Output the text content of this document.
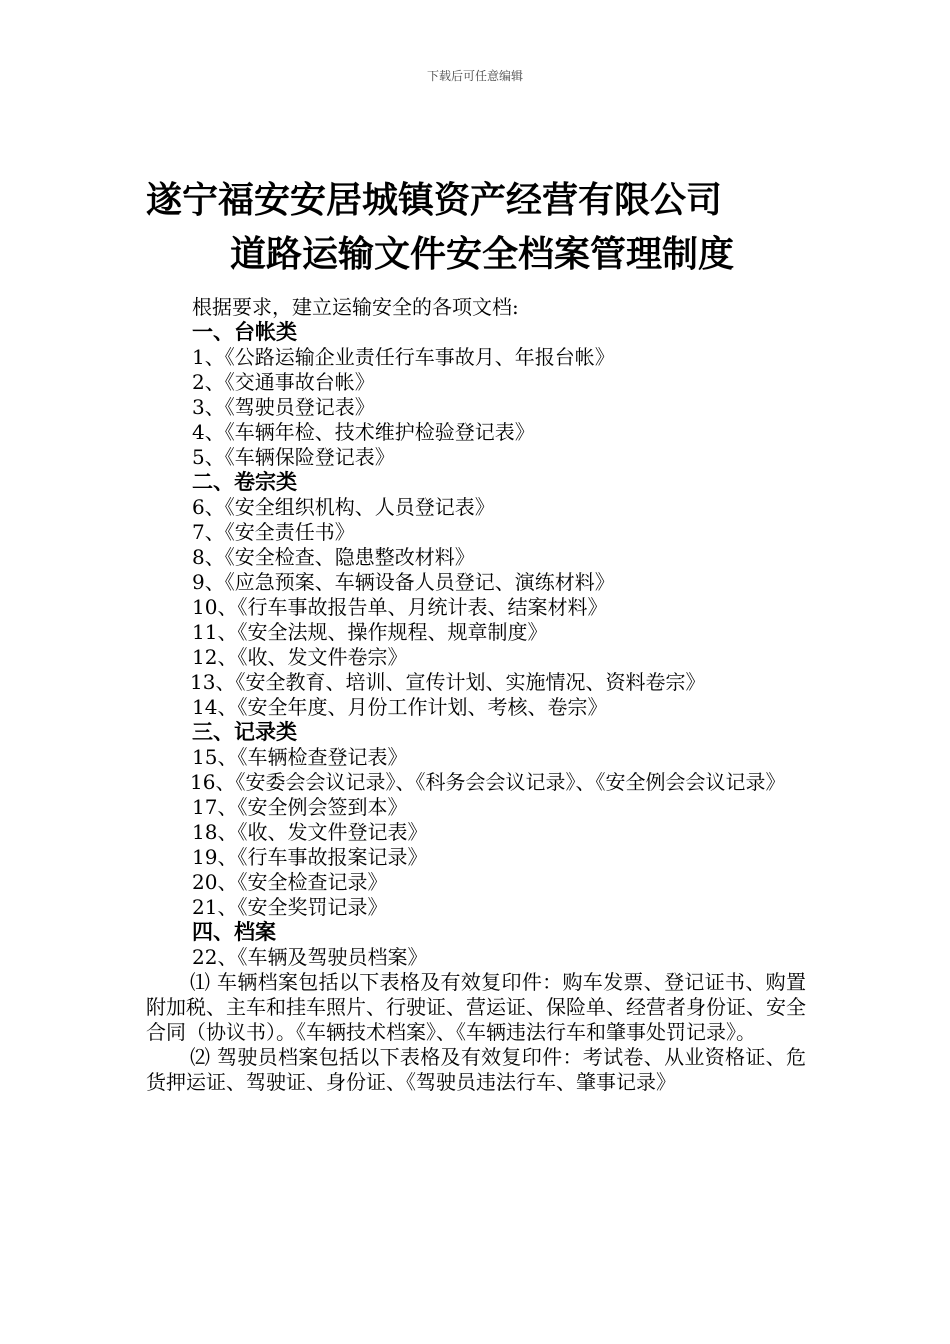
下载后可任意编辑
遂宁福安安居城镇资产经营有限公司
道路运输文件安全档案管理制度
根据要求，建立运输安全的各项文档:
一、台帐类
1、《公路运输企业责任行车事故月、年报台帐》
2、《交通事故台帐》
3、《驾驶员登记表》
4、《车辆年检、技术维护检验登记表》
5、《车辆保险登记表》
二、卷宗类
6、《安全组织机构、人员登记表》
7、《安全责任书》
8、《安全检查、隐患整改材料》
9、《应急预案、车辆设备人员登记、演练材料》
10、《行车事故报告单、月统计表、结案材料》
11、《安全法规、操作规程、规章制度》
12、《收、发文件卷宗》
13、《安全教育、培训、宣传计划、实施情况、资料卷宗》
14、《安全年度、月份工作计划、考核、卷宗》
三、记录类
15、《车辆检查登记表》
16、《安委会会议记录》、《科务会会议记录》、《安全例会会议记录》
17、《安全例会签到本》
18、《收、发文件登记表》
19、《行车事故报案记录》
20、《安全检查记录》
21、《安全奖罚记录》
四、档案
22、《车辆及驾驶员档案》
⑴ 车辆档案包括以下表格及有效复印件：购车发票、登记证书、购置附加税、主车和挂车照片、行驶证、营运证、保险单、经营者身份证、安全合同（协议书）。《车辆技术档案》、《车辆违法行车和肇事处罚记录》。
⑵ 驾驶员档案包括以下表格及有效复印件：考试卷、从业资格证、危货押运证、驾驶证、身份证、《驾驶员违法行车、肇事记录》
